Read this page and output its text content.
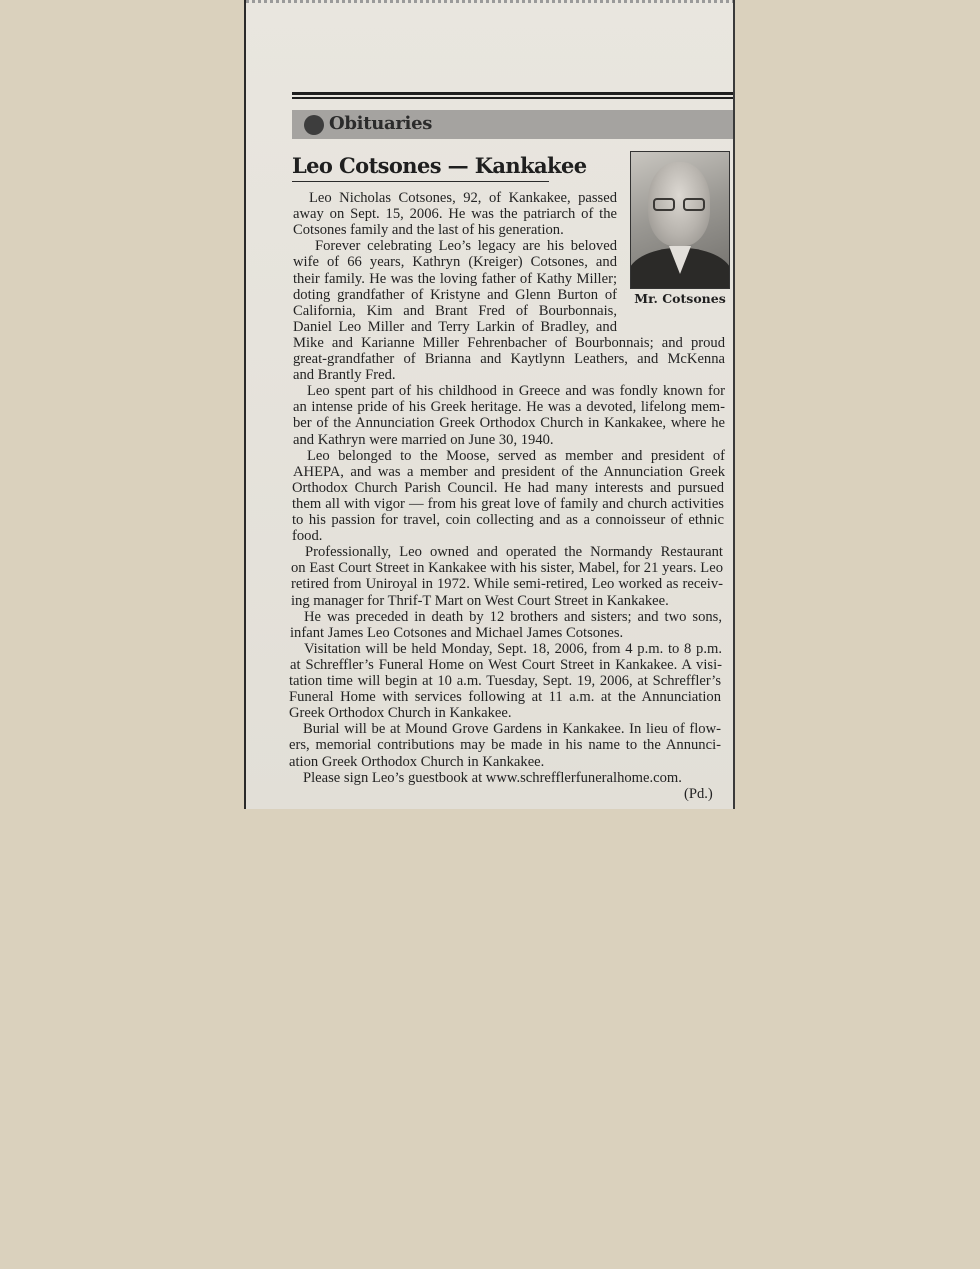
Obituaries
Leo Cotsones — Kankakee
Mr. Cotsones
Leo Nicholas Cotsones, 92, of Kankakee, passed
away on Sept. 15, 2006. He was the patriarch of the
Cotsones family and the last of his generation.
Forever celebrating Leo’s legacy are his beloved
wife of 66 years, Kathryn (Kreiger) Cotsones, and
their family. He was the loving father of Kathy Miller;
doting grandfather of Kristyne and Glenn Burton of
California, Kim and Brant Fred of Bourbonnais,
Daniel Leo Miller and Terry Larkin of Bradley, and
Mike and Karianne Miller Fehrenbacher of Bourbonnais; and proud
great-grandfather of Brianna and Kaytlynn Leathers, and McKenna
and Brantly Fred.
Leo spent part of his childhood in Greece and was fondly known for
an intense pride of his Greek heritage. He was a devoted, lifelong mem-
ber of the Annunciation Greek Orthodox Church in Kankakee, where he
and Kathryn were married on June 30, 1940.
Leo belonged to the Moose, served as member and president of
AHEPA, and was a member and president of the Annunciation Greek
Orthodox Church Parish Council. He had many interests and pursued
them all with vigor — from his great love of family and church activities
to his passion for travel, coin collecting and as a connoisseur of ethnic
food.
Professionally, Leo owned and operated the Normandy Restaurant
on East Court Street in Kankakee with his sister, Mabel, for 21 years. Leo
retired from Uniroyal in 1972. While semi-retired, Leo worked as receiv-
ing manager for Thrif-T Mart on West Court Street in Kankakee.
He was preceded in death by 12 brothers and sisters; and two sons,
infant James Leo Cotsones and Michael James Cotsones.
Visitation will be held Monday, Sept. 18, 2006, from 4 p.m. to 8 p.m.
at Schreffler’s Funeral Home on West Court Street in Kankakee. A visi-
tation time will begin at 10 a.m. Tuesday, Sept. 19, 2006, at Schreffler’s
Funeral Home with services following at 11 a.m. at the Annunciation
Greek Orthodox Church in Kankakee.
Burial will be at Mound Grove Gardens in Kankakee. In lieu of flow-
ers, memorial contributions may be made in his name to the Annunci-
ation Greek Orthodox Church in Kankakee.
Please sign Leo’s guestbook at www.schrefflerfuneralhome.com.
(Pd.)
